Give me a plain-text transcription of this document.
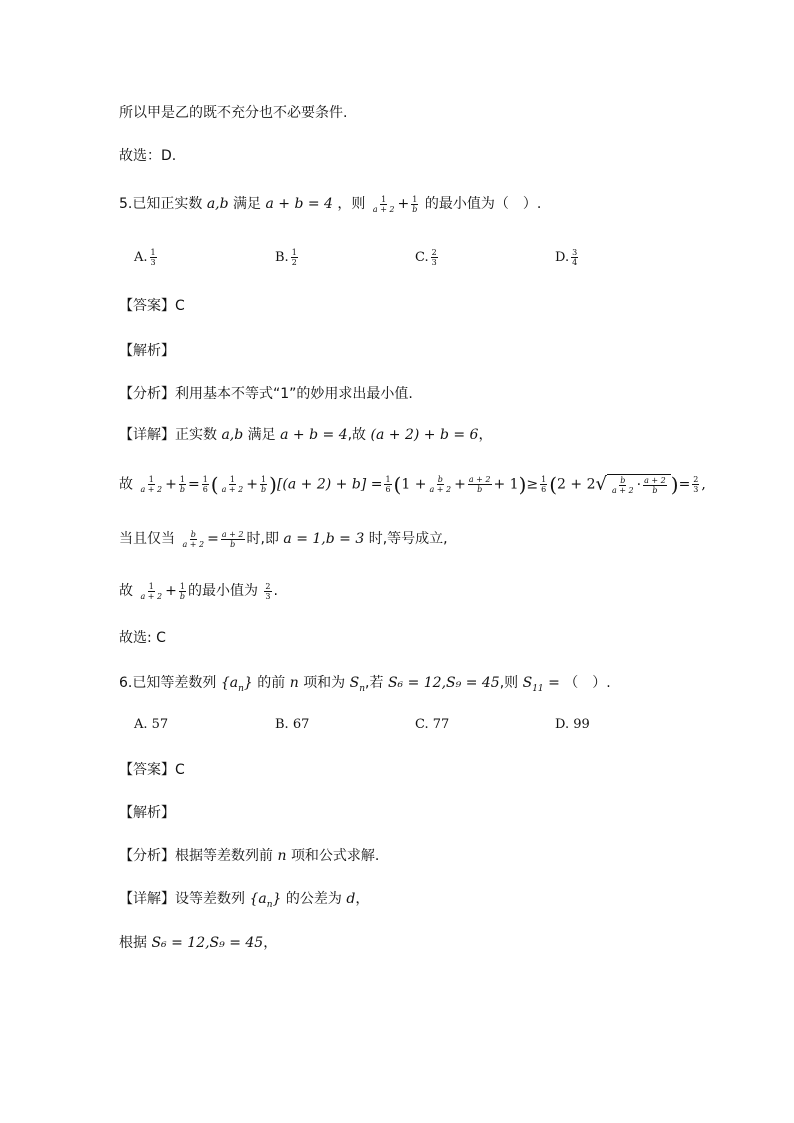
所以甲是乙的既不充分也不必要条件.
故选：D.
5.已知正实数 a,b 满足 a + b = 4 ，则 $\frac{1}{a + 2} + \frac{1}{b}$ 的最小值为（　）.
A. $\frac{1}{3}$	B. $\frac{1}{2}$	C. $\frac{2}{3}$	D. $\frac{3}{4}$
【答案】C
【解析】
【分析】利用基本不等式“1”的妙用求出最小值.
【详解】正实数 a,b 满足 a + b = 4,故 (a + 2) + b = 6，
故 $\frac{1}{a + 2} + \frac{1}{b} = \frac{1}{6}$ ( $\frac{1}{a + 2} + \frac{1}{b} )[(a + 2) + b] = \frac{1}{6} (1 + \frac{b}{a + 2} + \frac{a + 2}{b} + 1)\ge \frac{1}{6} (2 + 2√ \frac{b}{a + 2} \cdot \frac{a + 2}{b}$ )= $\frac{2}{3}$ ,
当且仅当 $\frac{b}{a + 2} = \frac{a + 2}{b}$ 时,即 a = 1,b = 3 时,等号成立,
故 $\frac{1}{a + 2} + \frac{1}{b}$ 的最小值为 $\frac{2}{3}$ .
故选: C
6.已知等差数列 $\{a_n\}$ 的前 n 项和为 $S_n$,若 S₆ = 12,S₉ = 45,则 $S_{11}$ = （　）.
A. 57	B. 67	C. 77	D. 99
【答案】C
【解析】
【分析】根据等差数列前 n 项和公式求解.
【详解】设等差数列 $\{a_n\}$ 的公差为 d，
根据 S₆ = 12,S₉ = 45，
